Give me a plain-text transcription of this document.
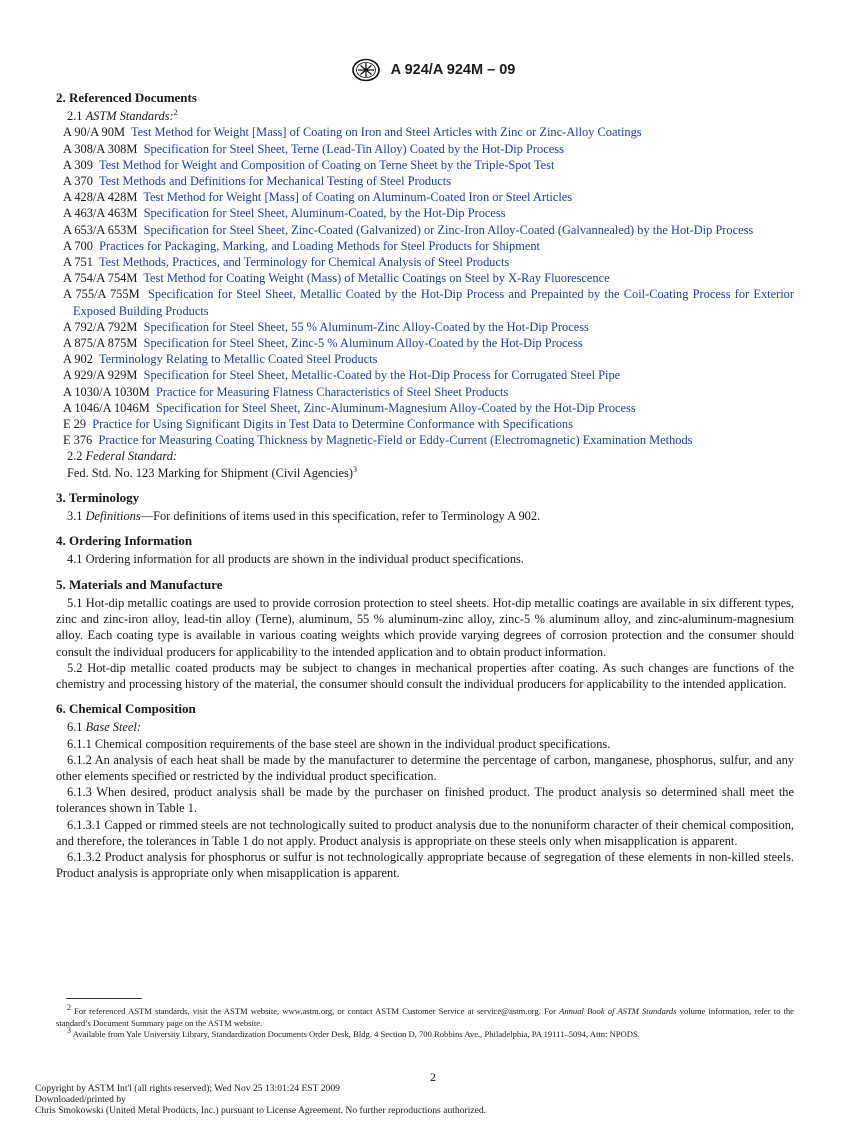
A 924/A 924M – 09
2. Referenced Documents

2.1 ASTM Standards:$^2$

A 90/A 90M Test Method for Weight [Mass] of Coating on Iron and Steel Articles with Zinc or Zinc-Alloy Coatings

A 308/A 308M Specification for Steel Sheet, Terne (Lead-Tin Alloy) Coated by the Hot-Dip Process

A 309 Test Method for Weight and Composition of Coating on Terne Sheet by the Triple-Spot Test

A 370 Test Methods and Definitions for Mechanical Testing of Steel Products

A 428/A 428M Test Method for Weight [Mass] of Coating on Aluminum-Coated Iron or Steel Articles

A 463/A 463M Specification for Steel Sheet, Aluminum-Coated, by the Hot-Dip Process

A 653/A 653M Specification for Steel Sheet, Zinc-Coated (Galvanized) or Zinc-Iron Alloy-Coated (Galvannealed) by the Hot-Dip Process

A 700 Practices for Packaging, Marking, and Loading Methods for Steel Products for Shipment

A 751 Test Methods, Practices, and Terminology for Chemical Analysis of Steel Products

A 754/A 754M Test Method for Coating Weight (Mass) of Metallic Coatings on Steel by X-Ray Fluorescence

A 755/A 755M Specification for Steel Sheet, Metallic Coated by the Hot-Dip Process and Prepainted by the Coil-Coating Process for Exterior Exposed Building Products

A 792/A 792M Specification for Steel Sheet, 55 % Aluminum-Zinc Alloy-Coated by the Hot-Dip Process

A 875/A 875M Specification for Steel Sheet, Zinc-5 % Aluminum Alloy-Coated by the Hot-Dip Process

A 902 Terminology Relating to Metallic Coated Steel Products

A 929/A 929M Specification for Steel Sheet, Metallic-Coated by the Hot-Dip Process for Corrugated Steel Pipe

A 1030/A 1030M Practice for Measuring Flatness Characteristics of Steel Sheet Products

A 1046/A 1046M Specification for Steel Sheet, Zinc-Aluminum-Magnesium Alloy-Coated by the Hot-Dip Process

E 29 Practice for Using Significant Digits in Test Data to Determine Conformance with Specifications

E 376 Practice for Measuring Coating Thickness by Magnetic-Field or Eddy-Current (Electromagnetic) Examination Methods

2.2 Federal Standard:

Fed. Std. No. 123 Marking for Shipment (Civil Agencies)$^3$

3. Terminology

3.1 Definitions—For definitions of items used in this specification, refer to Terminology A 902.

4. Ordering Information

4.1 Ordering information for all products are shown in the individual product specifications.

5. Materials and Manufacture

5.1 Hot-dip metallic coatings are used to provide corrosion protection to steel sheets. Hot-dip metallic coatings are available in six different types, zinc and zinc-iron alloy, lead-tin alloy (Terne), aluminum, 55 % aluminum-zinc alloy, zinc-5 % aluminum alloy, and zinc-aluminum-magnesium alloy. Each coating type is available in various coating weights which provide varying degrees of corrosion protection and the consumer should consult the individual producers for applicability to the intended application and to obtain product information.

5.2 Hot-dip metallic coated products may be subject to changes in mechanical properties after coating. As such changes are functions of the chemistry and processing history of the material, the consumer should consult the individual producers for applicability to the intended application.

6. Chemical Composition

6.1 Base Steel:

6.1.1 Chemical composition requirements of the base steel are shown in the individual product specifications.

6.1.2 An analysis of each heat shall be made by the manufacturer to determine the percentage of carbon, manganese, phosphorus, sulfur, and any other elements specified or restricted by the individual product specification.

6.1.3 When desired, product analysis shall be made by the purchaser on finished product. The product analysis so determined shall meet the tolerances shown in Table 1.

6.1.3.1 Capped or rimmed steels are not technologically suited to product analysis due to the nonuniform character of their chemical composition, and therefore, the tolerances in Table 1 do not apply. Product analysis is appropriate on these steels only when misapplication is apparent.

6.1.3.2 Product analysis for phosphorus or sulfur is not technologically appropriate because of segregation of these elements in non-killed steels. Product analysis is appropriate only when misapplication is apparent.

$^2$ For referenced ASTM standards, visit the ASTM website, www.astm.org, or contact ASTM Customer Service at service@astm.org. For Annual Book of ASTM Standards volume information, refer to the standard’s Document Summary page on the ASTM website.

$^3$ Available from Yale University Library, Standardization Documents Order Desk, Bldg. 4 Section D, 700 Robbins Ave., Philadelphia, PA 19111–5094, Attn: NPODS.

2
Copyright by ASTM Int'l (all rights reserved); Wed Nov 25 13:01:24 EST 2009
Downloaded/printed by
Chris Smokowski (United Metal Products, Inc.) pursuant to License Agreement. No further reproductions authorized.
